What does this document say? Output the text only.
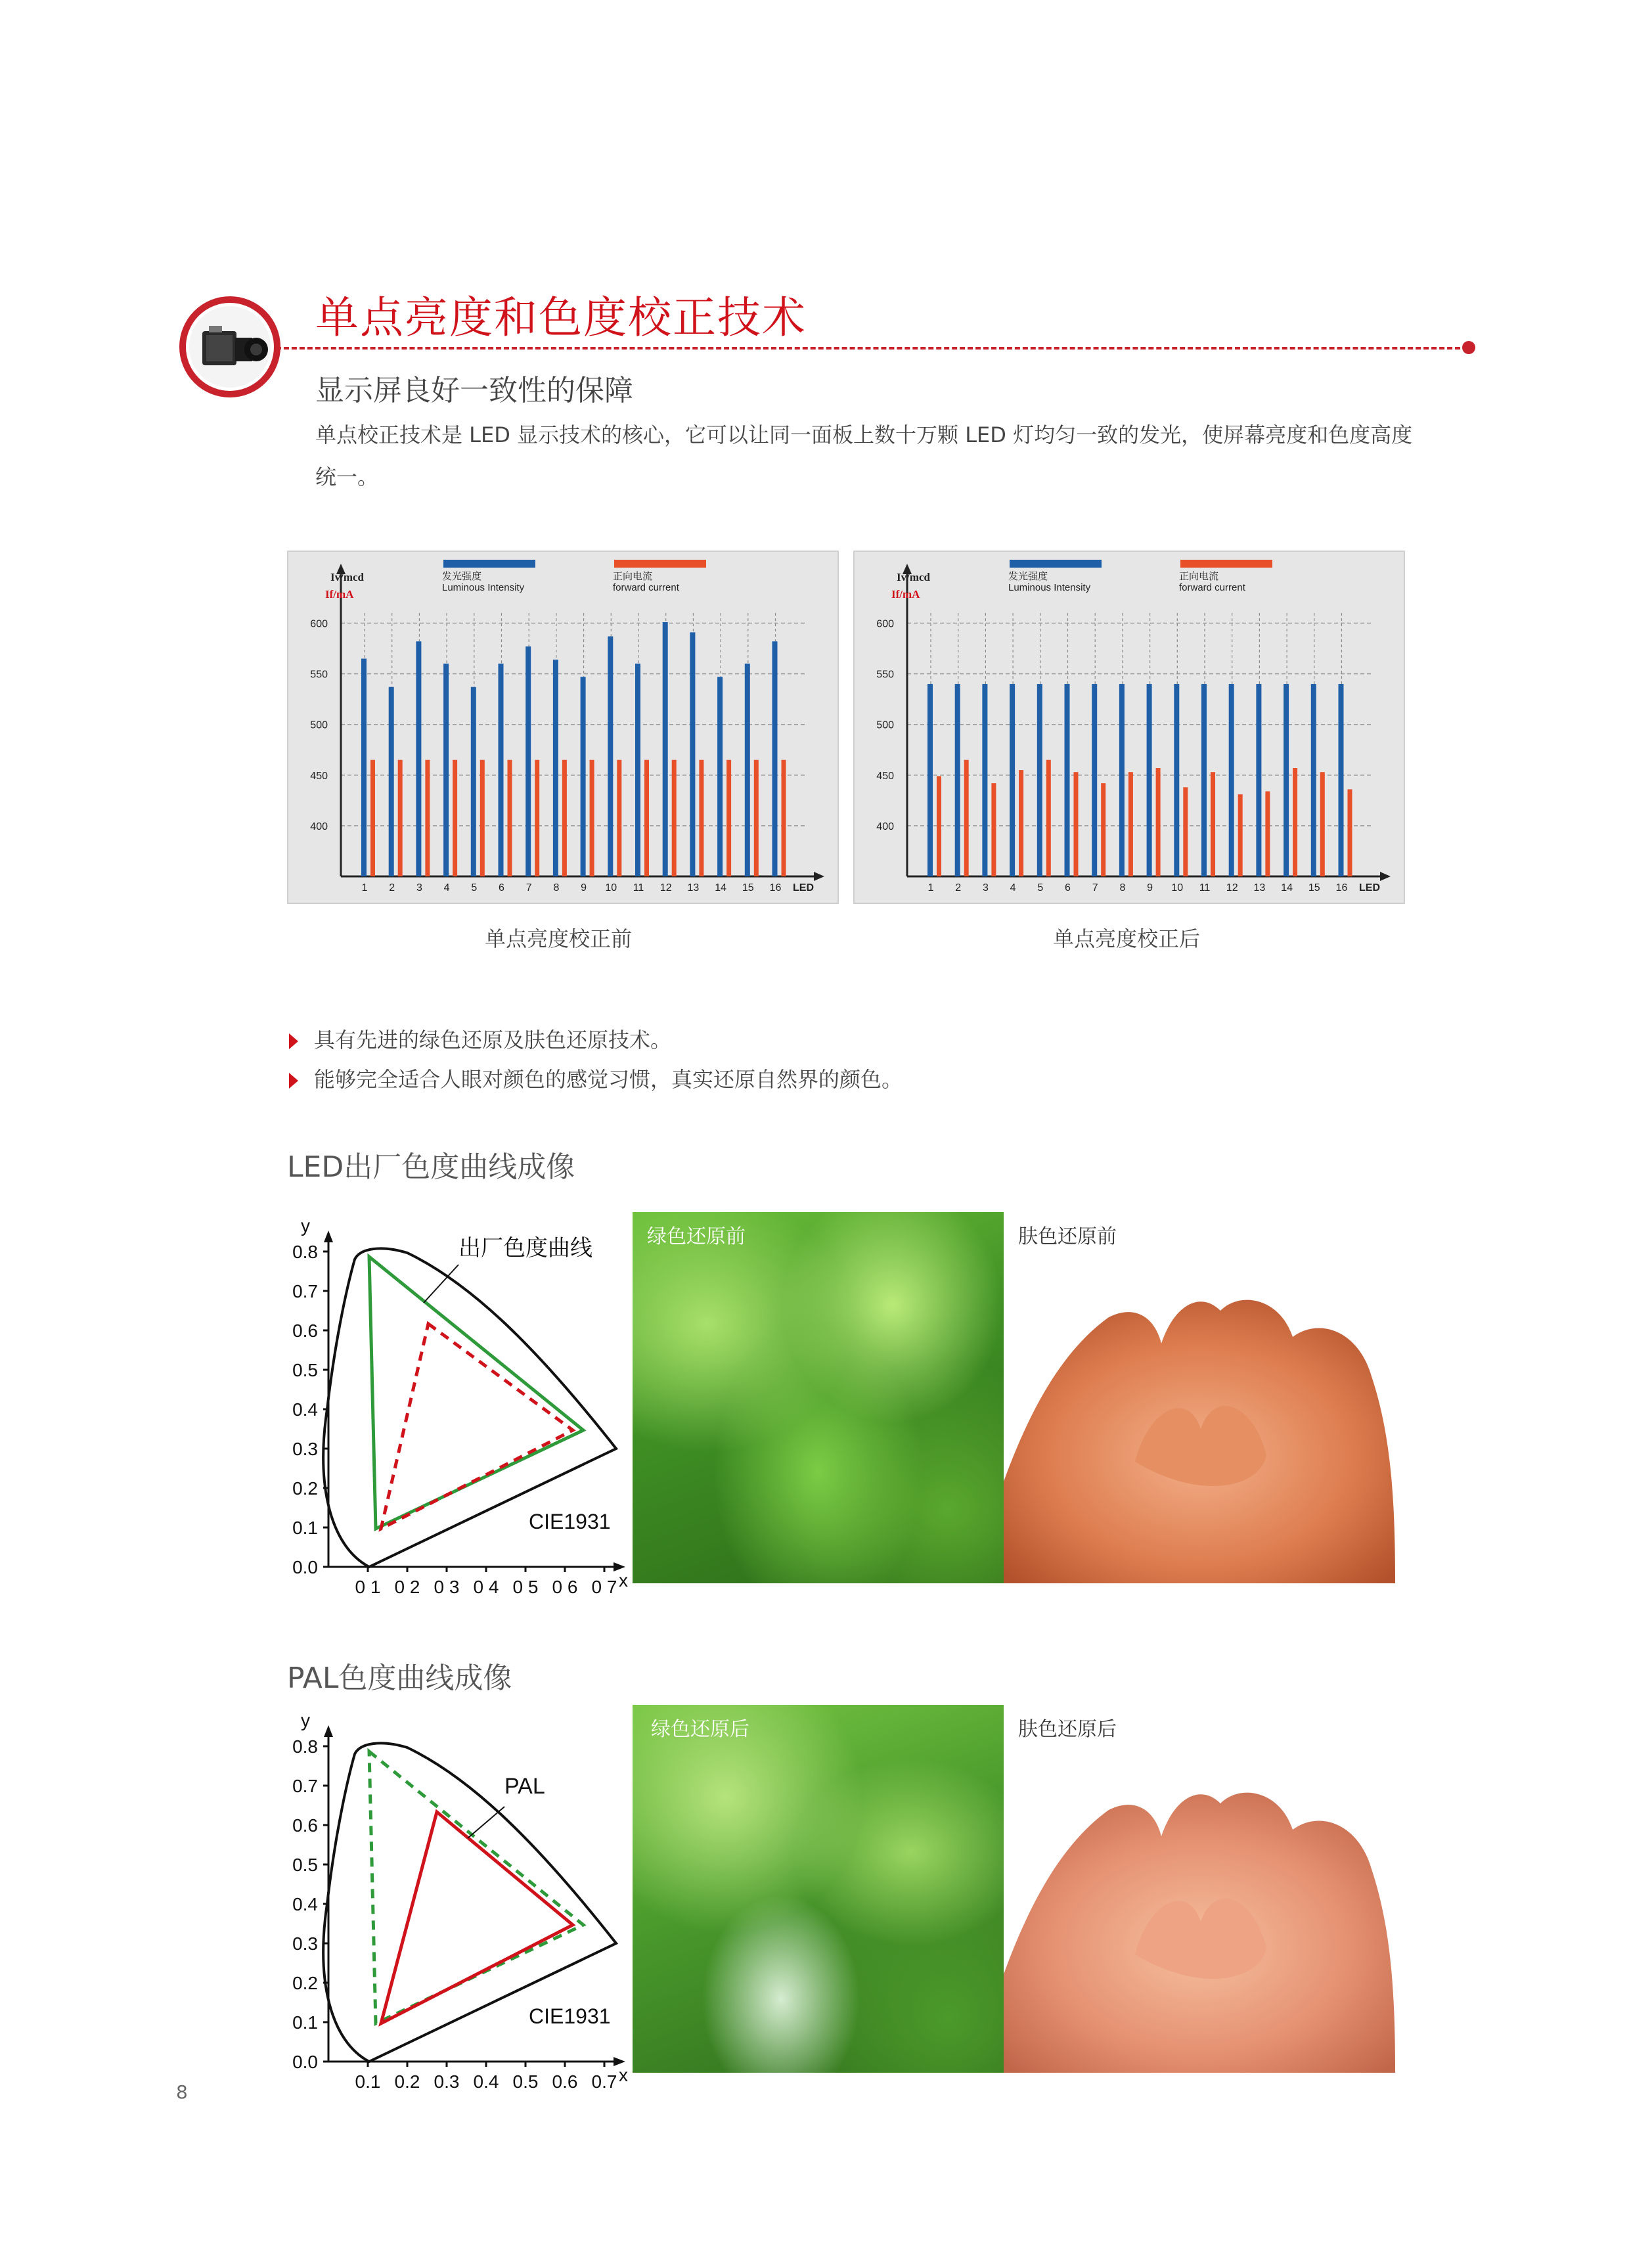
单点亮度和色度校正技术
显示屏良好一致性的保障
单点校正技术是 LED 显示技术的核心，它可以让同一面板上数十万颗 LED 灯均匀一致的发光，使屏幕亮度和色度高度统一。
400
450
500
550
600
Iv/mcd
If/mA
发光强度
Luminous Intensity
正向电流
forward current
1 2 3 4 5 6 7 8 9 10 11 12 13 14 15 16 LED
400
450
500
550
600
Iv/mcd
If/mA
发光强度
Luminous Intensity
正向电流
forward current
1 2 3 4 5 6 7 8 9 10 11 12 13 14 15 16 LED
单点亮度校正前	单点亮度校正后
具有先进的绿色还原及肤色还原技术。
能够完全适合人眼对颜色的感觉习惯，真实还原自然界的颜色。
LED出厂色度曲线成像
y
x
0.0
0.1
0.2
0.3
0.4
0.5
0.6
0.7
0.8
0 1 0 2 0 3 0 4 0 5 0 6 0 7
出厂色度曲线
CIE1931
绿色还原前	肤色还原前
PAL色度曲线成像
y
x
0.0
0.1
0.2
0.3
0.4
0.5
0.6
0.7
0.8
0.1 0.2 0.3 0.4 0.5 0.6 0.7
PAL
CIE1931
绿色还原后	肤色还原后
8
